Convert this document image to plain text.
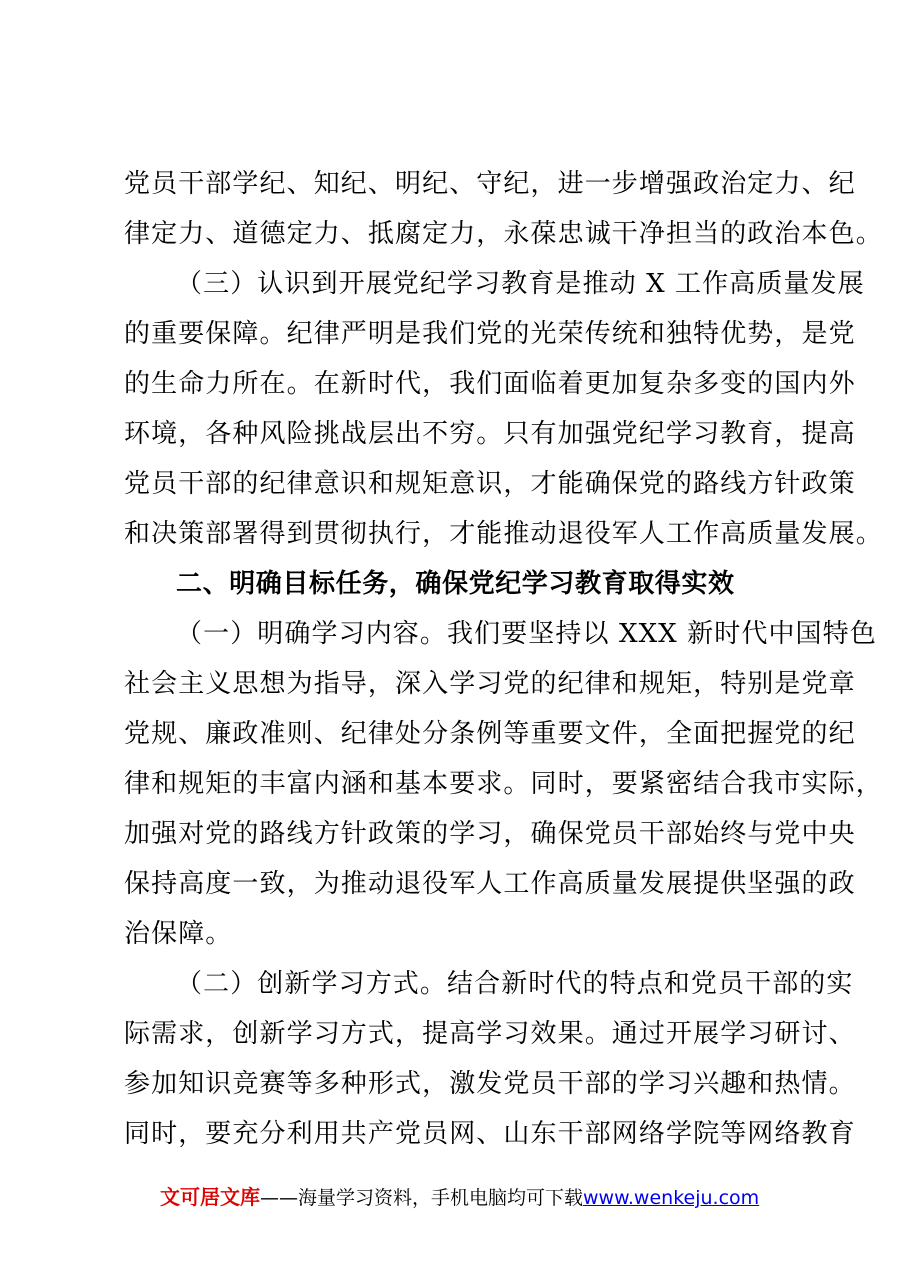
党员干部学纪、知纪、明纪、守纪，进一步增强政治定力、纪
律定力、道德定力、抵腐定力，永葆忠诚干净担当的政治本色。
（三）认识到开展党纪学习教育是推动 X 工作高质量发展
的重要保障。纪律严明是我们党的光荣传统和独特优势，是党
的生命力所在。在新时代，我们面临着更加复杂多变的国内外
环境，各种风险挑战层出不穷。只有加强党纪学习教育，提高
党员干部的纪律意识和规矩意识，才能确保党的路线方针政策
和决策部署得到贯彻执行，才能推动退役军人工作高质量发展。
二、明确目标任务，确保党纪学习教育取得实效
（一）明确学习内容。我们要坚持以 XXX 新时代中国特色
社会主义思想为指导，深入学习党的纪律和规矩，特别是党章
党规、廉政准则、纪律处分条例等重要文件，全面把握党的纪
律和规矩的丰富内涵和基本要求。同时，要紧密结合我市实际，
加强对党的路线方针政策的学习，确保党员干部始终与党中央
保持高度一致，为推动退役军人工作高质量发展提供坚强的政
治保障。
（二）创新学习方式。结合新时代的特点和党员干部的实
际需求，创新学习方式，提高学习效果。通过开展学习研讨、
参加知识竞赛等多种形式，激发党员干部的学习兴趣和热情。
同时，要充分利用共产党员网、山东干部网络学院等网络教育
文可居文库——海量学习资料，手机电脑均可下载www.wenkeju.com
